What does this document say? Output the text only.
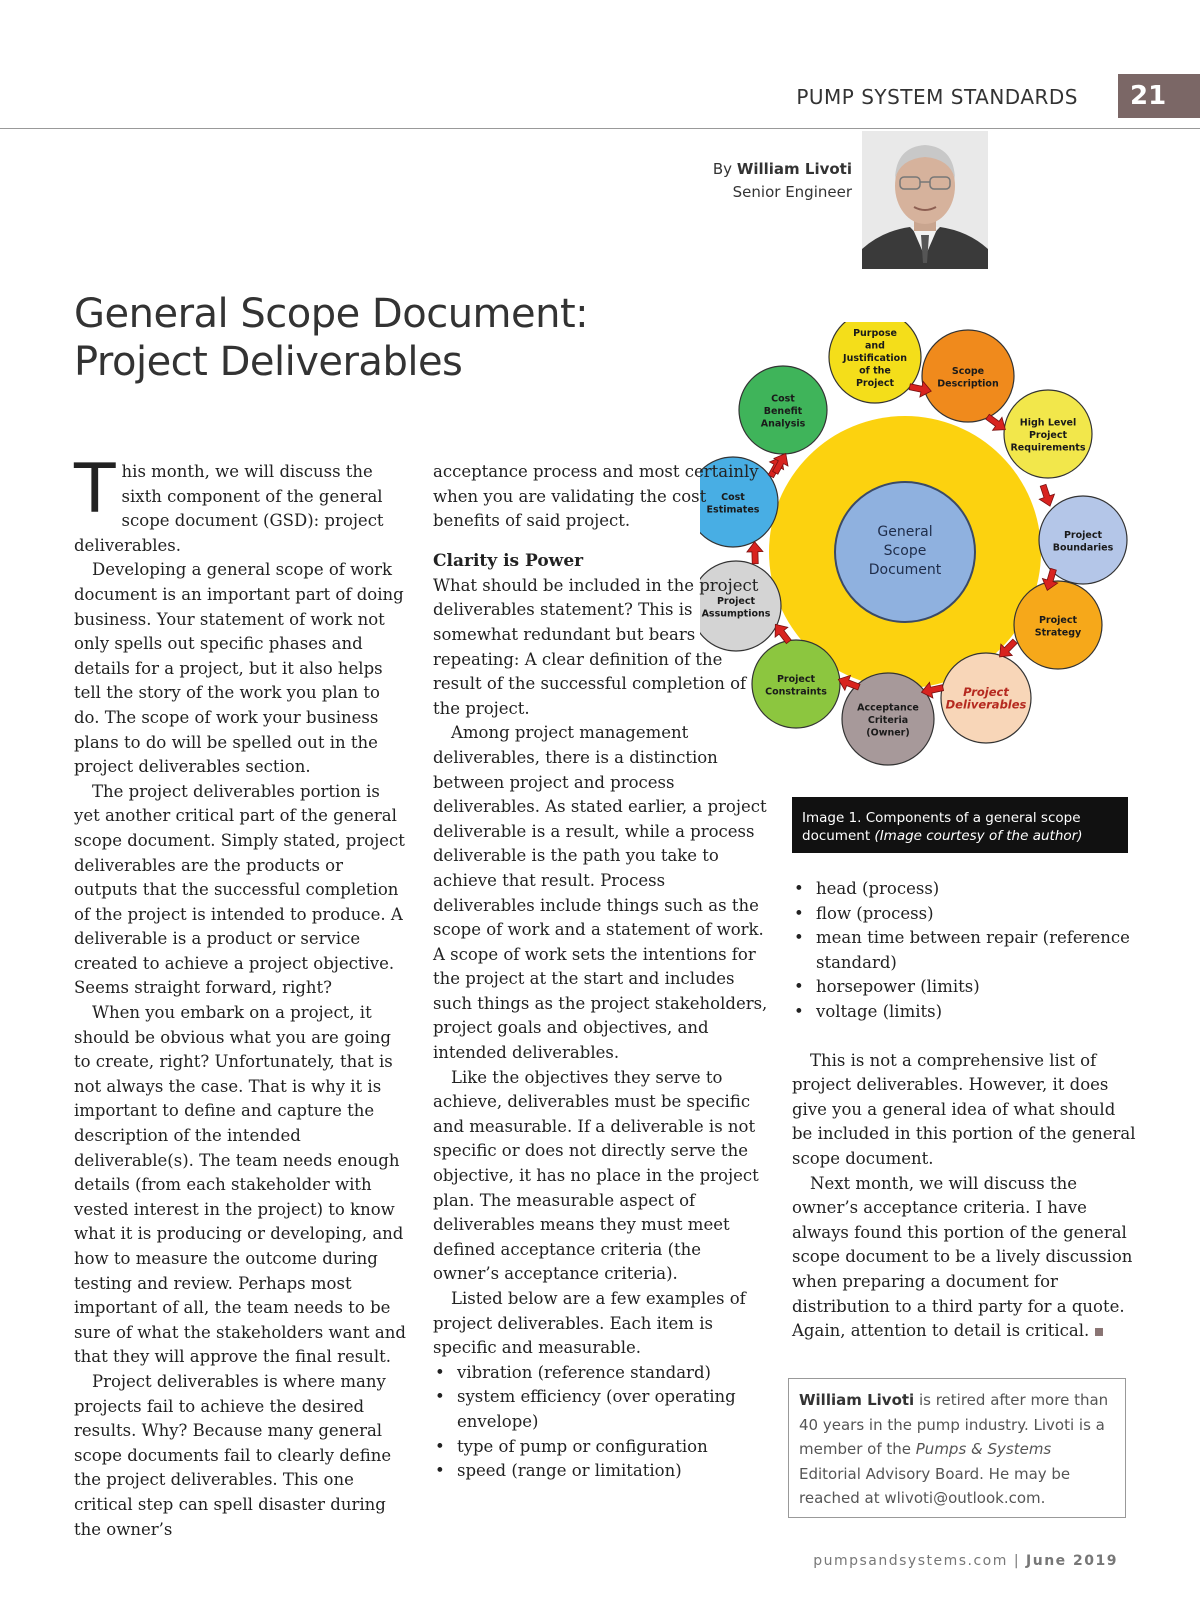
PUMP SYSTEM STANDARDS	21
By William Livoti
Senior Engineer
General Scope Document:
Project Deliverables
General
Scope
Document
Purpose
and
Justification
of the
Project
Scope
Description
High Level
Project
Requirements
Project
Boundaries
Project
Strategy
Project
Deliverables
Acceptance
Criteria
(Owner)
Project
Constraints
Project
Assumptions
Cost
Estimates
Cost
Benefit
Analysis
Image 1. Components of a general scope document (Image courtesy of the author)

This month, we will discuss the sixth component of the general scope document (GSD): project deliverables.

Developing a general scope of work document is an important part of doing business. Your statement of work not only spells out specific phases and details for a project, but it also helps tell the story of the work you plan to do. The scope of work your business plans to do will be spelled out in the project deliverables section.

The project deliverables portion is yet another critical part of the general scope document. Simply stated, project deliverables are the products or outputs that the successful completion of the project is intended to produce. A deliverable is a product or service created to achieve a project objective. Seems straight forward, right?

When you embark on a project, it should be obvious what you are going to create, right? Unfortunately, that is not always the case. That is why it is important to define and capture the description of the intended deliverable(s). The team needs enough details (from each stakeholder with vested interest in the project) to know what it is producing or developing, and how to measure the outcome during testing and review. Perhaps most important of all, the team needs to be sure of what the stakeholders want and that they will approve the final result.

Project deliverables is where many projects fail to achieve the desired results. Why? Because many general scope documents fail to clearly define the project deliverables. This one critical step can spell disaster during the owner’s

acceptance process and most certainly when you are validating the cost benefits of said project.

Clarity is Power

What should be included in the project deliverables statement? This is somewhat redundant but bears repeating: A clear definition of the result of the successful completion of the project.

Among project management deliverables, there is a distinction between project and process deliverables. As stated earlier, a project deliverable is a result, while a process deliverable is the path you take to achieve that result. Process deliverables include things such as the scope of work and a statement of work. A scope of work sets the intentions for the project at the start and includes such things as the project stakeholders, project goals and objectives, and intended deliverables.

Like the objectives they serve to achieve, deliverables must be specific and measurable. If a deliverable is not specific or does not directly serve the objective, it has no place in the project plan. The measurable aspect of deliverables means they must meet defined acceptance criteria (the owner’s acceptance criteria).

Listed below are a few examples of project deliverables. Each item is specific and measurable.

• vibration (reference standard)
• system efficiency (over operating envelope)
• type of pump or configuration
• speed (range or limitation)
• head (process)
• flow (process)
• mean time between repair (reference standard)
• horsepower (limits)
• voltage (limits)

This is not a comprehensive list of project deliverables. However, it does give you a general idea of what should be included in this portion of the general scope document.

Next month, we will discuss the owner’s acceptance criteria. I have always found this portion of the general scope document to be a lively discussion when preparing a document for distribution to a third party for a quote. Again, attention to detail is critical.

William Livoti is retired after more than 40 years in the pump industry. Livoti is a member of the Pumps & Systems Editorial Advisory Board. He may be reached at wlivoti@outlook.com.
pumpsandsystems.com | June 2019
